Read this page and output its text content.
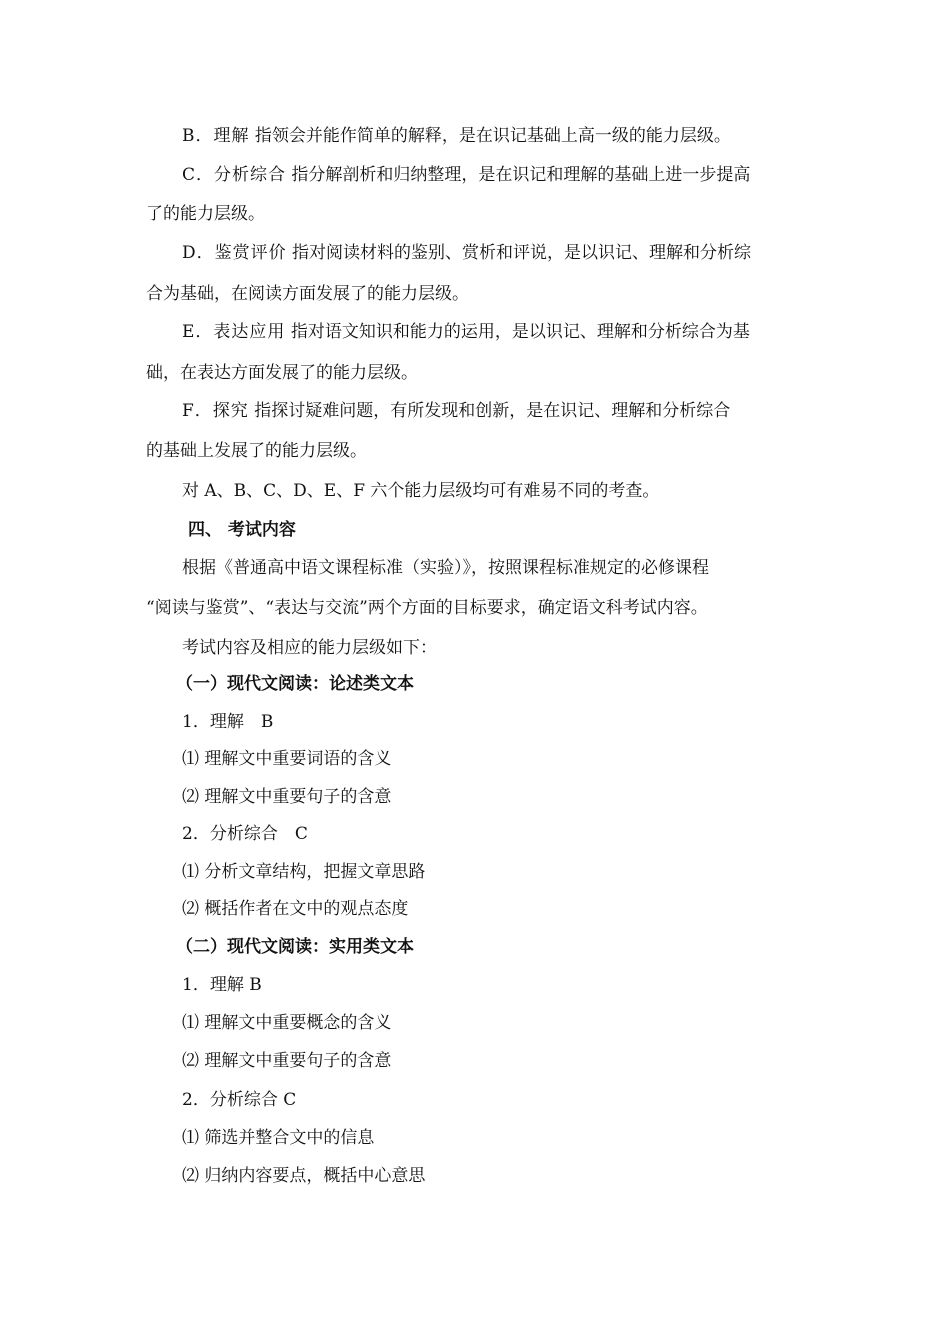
B．理解 指领会并能作简单的解释，是在识记基础上高一级的能力层级。
C．分析综合 指分解剖析和归纳整理，是在识记和理解的基础上进一步提高
了的能力层级。
D．鉴赏评价 指对阅读材料的鉴别、赏析和评说，是以识记、理解和分析综
合为基础，在阅读方面发展了的能力层级。
E．表达应用 指对语文知识和能力的运用，是以识记、理解和分析综合为基
础，在表达方面发展了的能力层级。
F．探究 指探讨疑难问题，有所发现和创新，是在识记、理解和分析综合
的基础上发展了的能力层级。
对 A、B、C、D、E、F 六个能力层级均可有难易不同的考查。
四、 考试内容
根据《普通高中语文课程标准（实验）》，按照课程标准规定的必修课程
“阅读与鉴赏”、“表达与交流”两个方面的目标要求，确定语文科考试内容。
考试内容及相应的能力层级如下：
（一）现代文阅读：论述类文本
1．理解　B
⑴ 理解文中重要词语的含义
⑵ 理解文中重要句子的含意
2．分析综合　C
⑴ 分析文章结构，把握文章思路
⑵ 概括作者在文中的观点态度
（二）现代文阅读：实用类文本
1．理解 B
⑴ 理解文中重要概念的含义
⑵ 理解文中重要句子的含意
2．分析综合 C
⑴ 筛选并整合文中的信息
⑵ 归纳内容要点，概括中心意思
